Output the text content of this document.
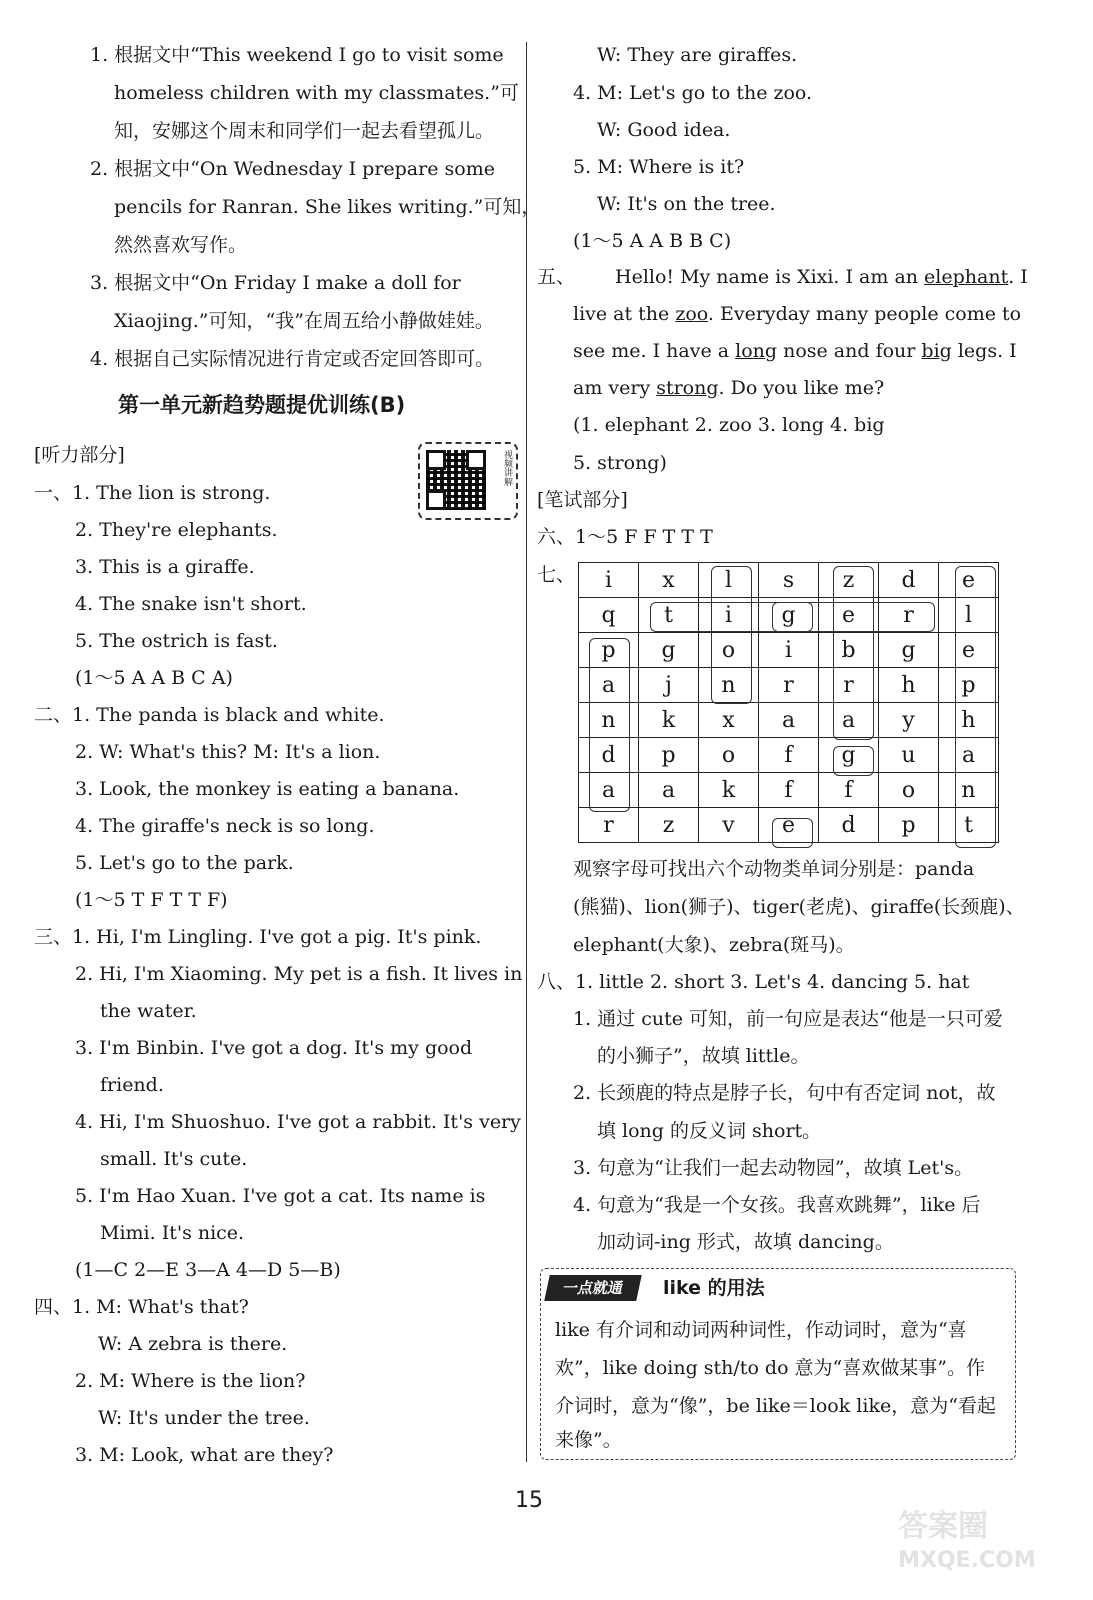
1. 根据文中“This weekend I go to visit some
homeless children with my classmates.”可
知，安娜这个周末和同学们一起去看望孤儿。
2. 根据文中“On Wednesday I prepare some
pencils for Ranran. She likes writing.”可知，
然然喜欢写作。
3. 根据文中“On Friday I make a doll for
Xiaojing.”可知，“我”在周五给小静做娃娃。
4. 根据自己实际情况进行肯定或否定回答即可。
第一单元新趋势题提优训练(B)
[听力部分]	视频讲解
一、1. The lion is strong.
2. They're elephants.
3. This is a giraffe.
4. The snake isn't short.
5. The ostrich is fast.
(1～5 A A B C A)
二、1. The panda is black and white.
2. W: What's this? M: It's a lion.
3. Look, the monkey is eating a banana.
4. The giraffe's neck is so long.
5. Let's go to the park.
(1～5 T F T T F)
三、1. Hi, I'm Lingling. I've got a pig. It's pink.
2. Hi, I'm Xiaoming. My pet is a fish. It lives in
the water.
3. I'm Binbin. I've got a dog. It's my good
friend.
4. Hi, I'm Shuoshuo. I've got a rabbit. It's very
small. It's cute.
5. I'm Hao Xuan. I've got a cat. Its name is
Mimi. It's nice.
(1—C 2—E 3—A 4—D 5—B)
四、1. M: What's that?
W: A zebra is there.
2. M: Where is the lion?
W: It's under the tree.
3. M: Look, what are they?
W: They are giraffes.
4. M: Let's go to the zoo.
W: Good idea.
5. M: Where is it?
W: It's on the tree.
(1～5 A A B B C)
五、 Hello! My name is Xixi. I am an elephant. I
live at the zoo. Everyday many people come to
see me. I have a long nose and four big legs. I
am very strong. Do you like me?
(1. elephant 2. zoo 3. long 4. big
5. strong)
[笔试部分]
六、1～5 F F T T T
七、
观察字母可找出六个动物类单词分别是：panda
(熊猫)、lion(狮子)、tiger(老虎)、giraffe(长颈鹿)、
elephant(大象)、zebra(斑马)。
八、1. little 2. short 3. Let's 4. dancing 5. hat
1. 通过 cute 可知，前一句应是表达“他是一只可爱
的小狮子”，故填 little。
2. 长颈鹿的特点是脖子长，句中有否定词 not，故
填 long 的反义词 short。
3. 句意为“让我们一起去动物园”，故填 Let's。
4. 句意为“我是一个女孩。我喜欢跳舞”，like 后
加动词-ing 形式，故填 dancing。
i	x	l	s	z	d	e
q	t	i	g	e	r	l
p	g	o	i	b	g	e
a	j	n	r	r	h	p
n	k	x	a	a	y	h
d	p	o	f	g	u	a
a	a	k	f	f	o	n
r	z	v	e	d	p	t
一点就通	like 的用法
like 有介词和动词两种词性，作动词时，意为“喜
欢”，like doing sth/to do 意为“喜欢做某事”。作
介词时，意为“像”，be like＝look like，意为“看起
来像”。
15
答案圈
MXQE.COM
